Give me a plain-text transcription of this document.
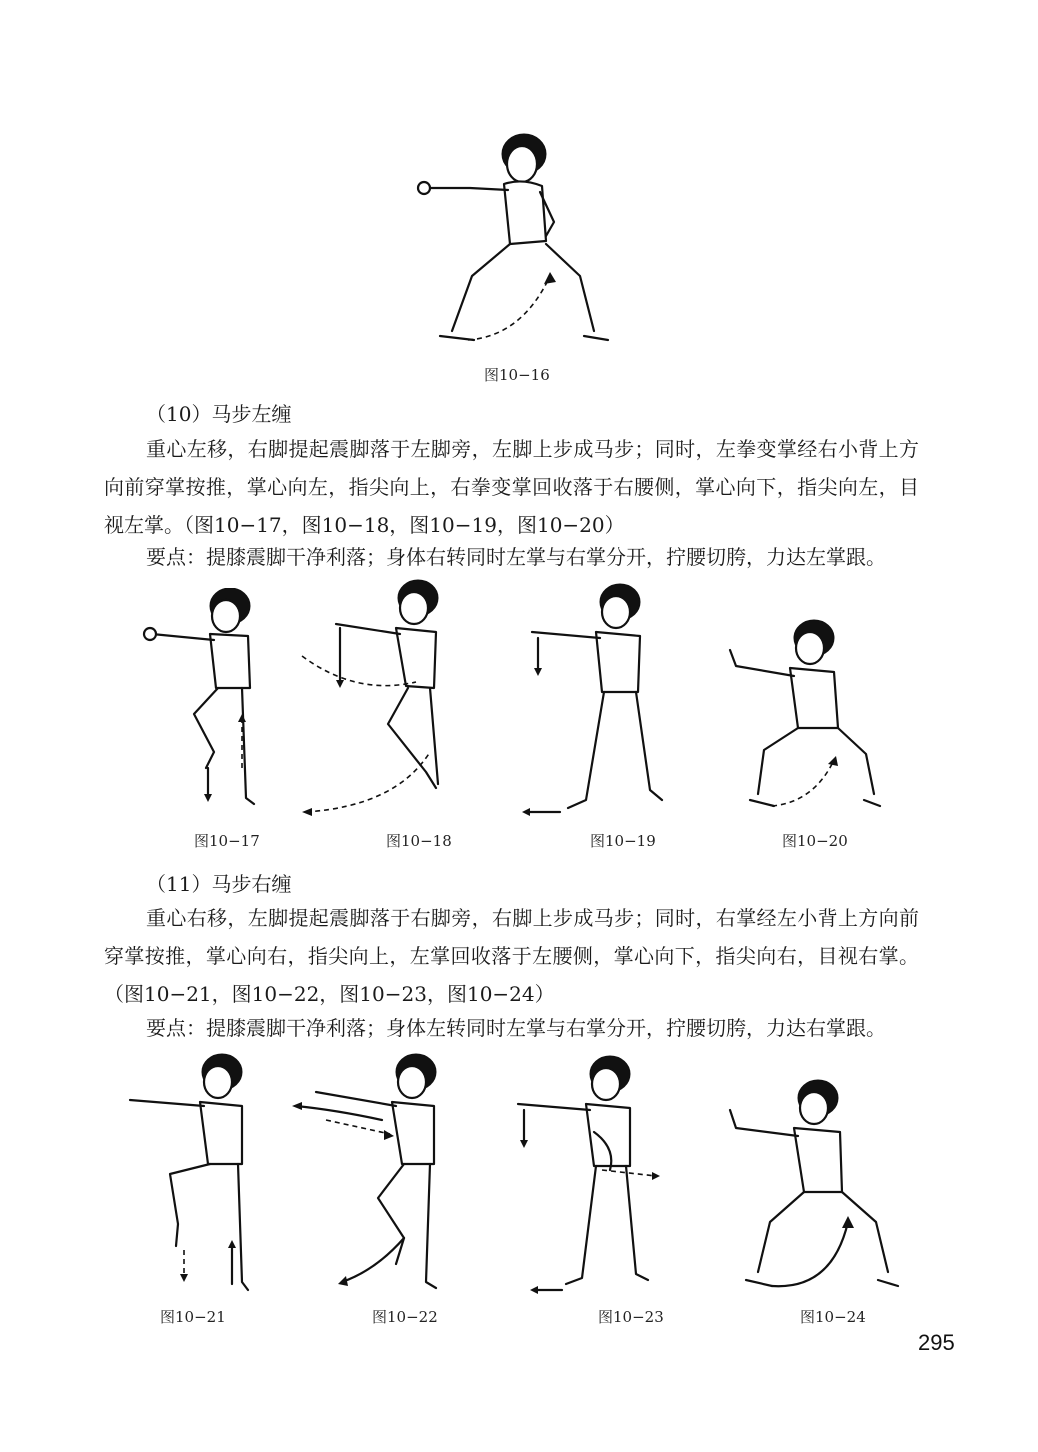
图10−16
（10）马步左缠
重心左移，右脚提起震脚落于左脚旁，左脚上步成马步；同时，左拳变掌经右小背上方向前穿掌按推，掌心向左，指尖向上，右拳变掌回收落于右腰侧，掌心向下，指尖向左，目视左掌。（图10−17，图10−18，图10−19，图10−20）
要点：提膝震脚干净利落；身体右转同时左掌与右掌分开，拧腰切胯，力达左掌跟。
图10−17	图10−18	图10−19	图10−20
（11）马步右缠
重心右移，左脚提起震脚落于右脚旁，右脚上步成马步；同时，右掌经左小背上方向前穿掌按推，掌心向右，指尖向上，左掌回收落于左腰侧，掌心向下，指尖向右，目视右掌。（图10−21，图10−22，图10−23，图10−24）
要点：提膝震脚干净利落；身体左转同时左掌与右掌分开，拧腰切胯，力达右掌跟。
图10−21	图10−22	图10−23	图10−24
295
